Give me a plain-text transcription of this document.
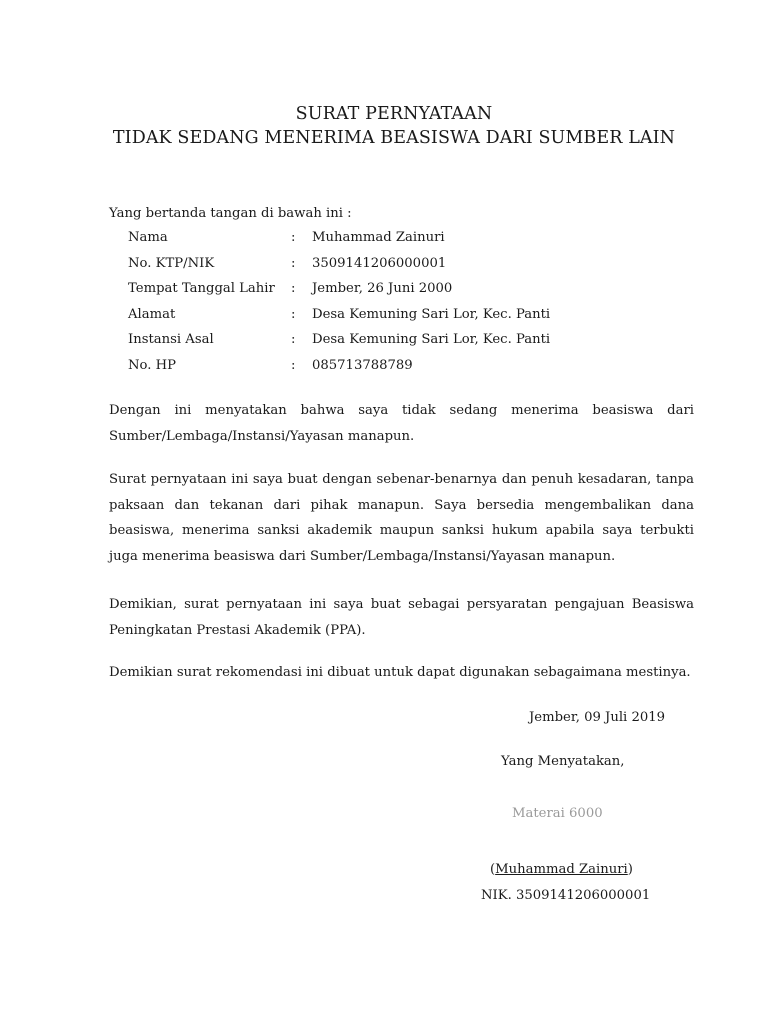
SURAT PERNYATAAN
TIDAK SEDANG MENERIMA BEASISWA DARI SUMBER LAIN
Yang bertanda tangan di bawah ini :
Nama	: Muhammad Zainuri
No. KTP/NIK	: 3509141206000001
Tempat Tanggal Lahir : Jember, 26 Juni 2000
Alamat	: Desa Kemuning Sari Lor, Kec. Panti
Instansi Asal	: Desa Kemuning Sari Lor, Kec. Panti
No. HP	: 085713788789
Dengan ini menyatakan bahwa saya tidak sedang menerima beasiswa dari Sumber/Lembaga/Instansi/Yayasan manapun.
Surat pernyataan ini saya buat dengan sebenar-benarnya dan penuh kesadaran, tanpa paksaan dan tekanan dari pihak manapun. Saya bersedia mengembalikan dana beasiswa, menerima sanksi akademik maupun sanksi hukum apabila saya terbukti juga menerima beasiswa dari Sumber/Lembaga/Instansi/Yayasan manapun.
Demikian, surat pernyataan ini saya buat sebagai persyaratan pengajuan Beasiswa Peningkatan Prestasi Akademik (PPA).
Demikian surat rekomendasi ini dibuat untuk dapat digunakan sebagaimana mestinya.
Jember, 09 Juli 2019
Yang Menyatakan,
Materai 6000
(Muhammad Zainuri)
NIK. 3509141206000001
